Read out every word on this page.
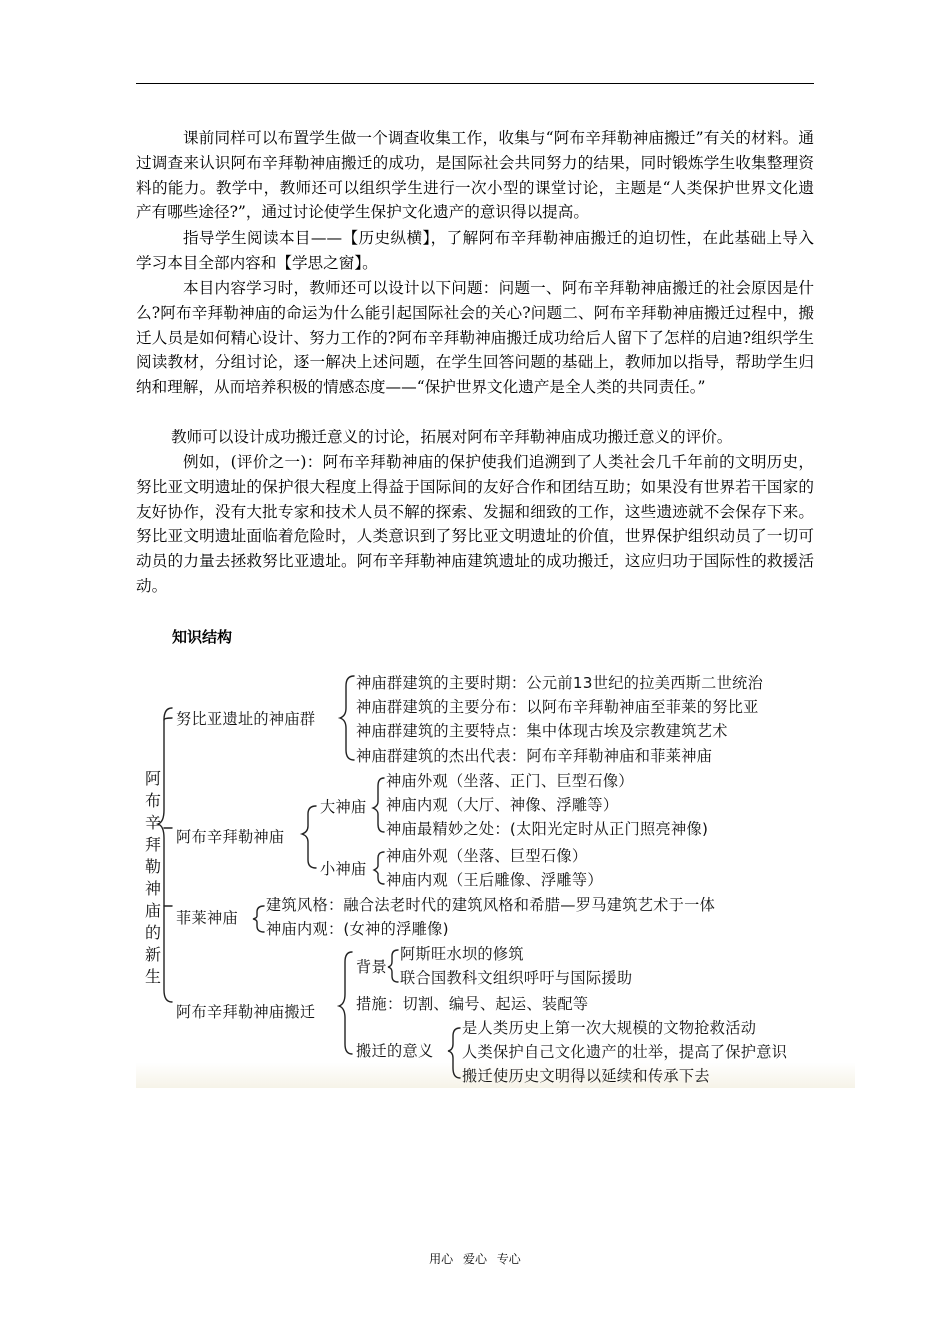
课前同样可以布置学生做一个调查收集工作，收集与“阿布辛拜勒神庙搬迁”有关的材料。通过调查来认识阿布辛拜勒神庙搬迁的成功，是国际社会共同努力的结果，同时锻炼学生收集整理资料的能力。教学中，教师还可以组织学生进行一次小型的课堂讨论，主题是“人类保护世界文化遗产有哪些途径?”，通过讨论使学生保护文化遗产的意识得以提高。

指导学生阅读本目——【历史纵横】，了解阿布辛拜勒神庙搬迁的迫切性，在此基础上导入学习本目全部内容和【学思之窗】。

本目内容学习时，教师还可以设计以下问题：问题一、阿布辛拜勒神庙搬迁的社会原因是什么?阿布辛拜勒神庙的命运为什么能引起国际社会的关心?问题二、阿布辛拜勒神庙搬迁过程中，搬迁人员是如何精心设计、努力工作的?阿布辛拜勒神庙搬迁成功给后人留下了怎样的启迪?组织学生阅读教材，分组讨论，逐一解决上述问题，在学生回答问题的基础上，教师加以指导，帮助学生归纳和理解，从而培养积极的情感态度——“保护世界文化遗产是全人类的共同责任。”

教师可以设计成功搬迁意义的讨论，拓展对阿布辛拜勒神庙成功搬迁意义的评价。

例如，(评价之一)：阿布辛拜勒神庙的保护使我们追溯到了人类社会几千年前的文明历史，努比亚文明遗址的保护很大程度上得益于国际间的友好合作和团结互助；如果没有世界若干国家的友好协作，没有大批专家和技术人员不解的探索、发掘和细致的工作，这些遗迹就不会保存下来。努比亚文明遗址面临着危险时，人类意识到了努比亚文明遗址的价值，世界保护组织动员了一切可动员的力量去拯救努比亚遗址。阿布辛拜勒神庙建筑遗址的成功搬迁，这应归功于国际性的救援活动。

知识结构
阿布辛拜勒神庙的新生
努比亚遗址的神庙群
神庙群建筑的主要时期：公元前13世纪的拉美西斯二世统治
神庙群建筑的主要分布：以阿布辛拜勒神庙至菲莱的努比亚
神庙群建筑的主要特点：集中体现古埃及宗教建筑艺术
神庙群建筑的杰出代表：阿布辛拜勒神庙和菲莱神庙
阿布辛拜勒神庙
大神庙
神庙外观（坐落、正门、巨型石像）
神庙内观（大厅、神像、浮雕等）
神庙最精妙之处：(太阳光定时从正门照亮神像)
小神庙
神庙外观（坐落、巨型石像）
神庙内观（王后雕像、浮雕等）
菲莱神庙
建筑风格：融合法老时代的建筑风格和希腊—罗马建筑艺术于一体
神庙内观：(女神的浮雕像)
阿布辛拜勒神庙搬迁
背景
阿斯旺水坝的修筑
联合国教科文组织呼吁与国际援助
措施：切割、编号、起运、装配等
搬迁的意义
是人类历史上第一次大规模的文物抢救活动
人类保护自己文化遗产的壮举，提高了保护意识
搬迁使历史文明得以延续和传承下去
用心 爱心 专心
